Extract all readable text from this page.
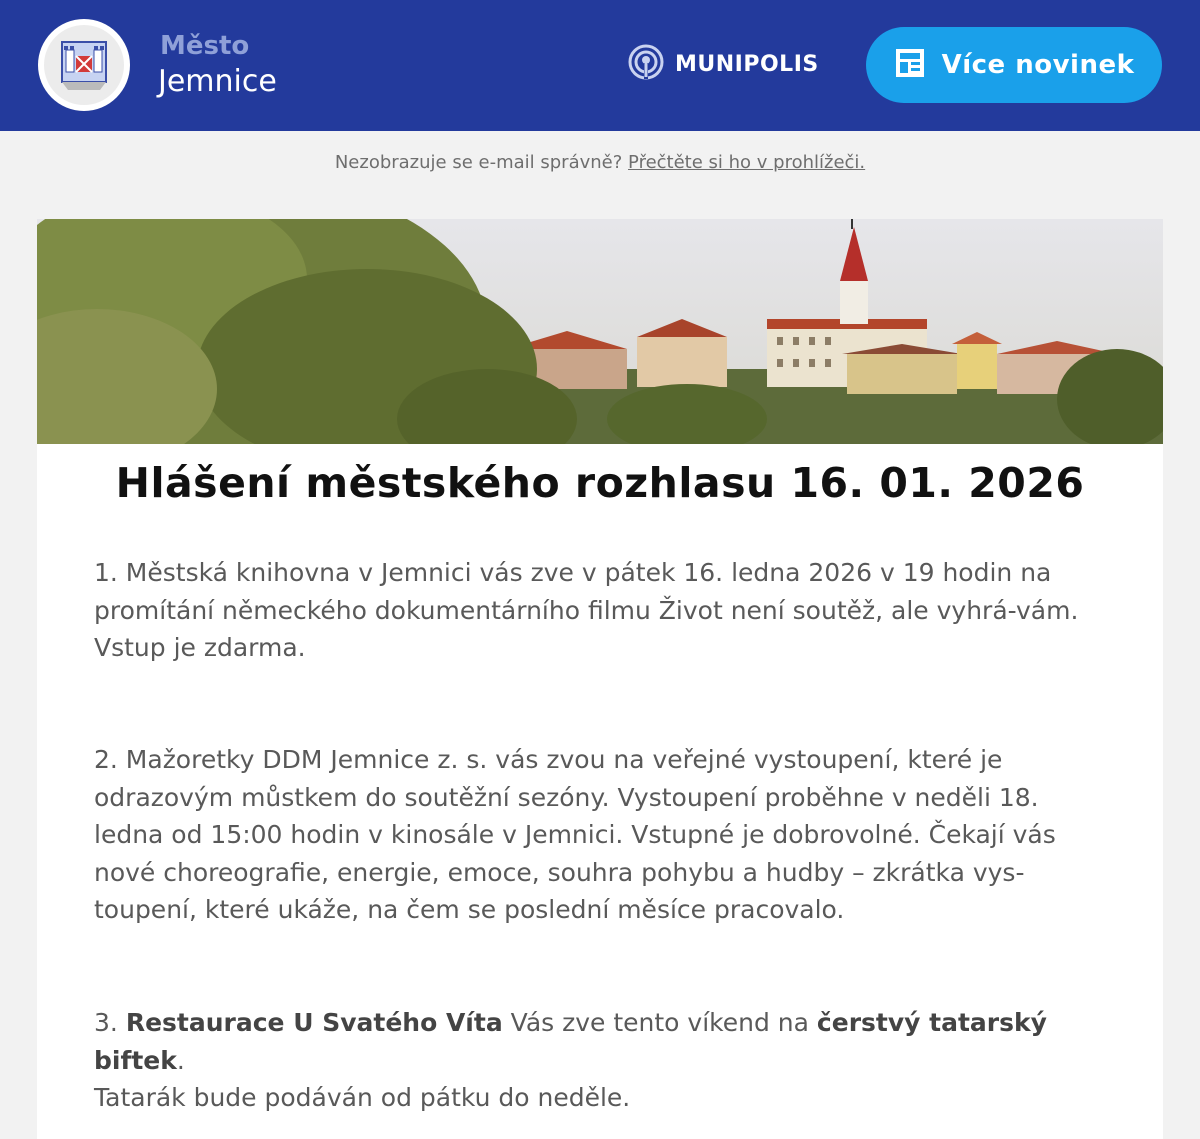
Město
Jemnice	MUNIPOLIS	Více novinek
Nezobrazuje se e-mail správně? Přečtěte si ho v prohlížeči.
Hlášení městského rozhlasu 16. 01. 2026
1. Městská knihovna v Jemnici vás zve v pátek 16. ledna 2026 v 19 hodin na promítání německého dokumentárního filmu Život není soutěž, ale vyhrá-vám. Vstup je zdarma.
2. Mažoretky DDM Jemnice z. s. vás zvou na veřejné vystoupení, které je odrazovým můstkem do soutěžní sezóny. Vystoupení proběhne v neděli 18. ledna od 15:00 hodin v kinosále v Jemnici. Vstupné je dobrovolné. Čekají vás nové choreografie, energie, emoce, souhra pohybu a hudby – zkrátka vys-toupení, které ukáže, na čem se poslední měsíce pracovalo.
3. Restaurace U Svatého Víta Vás zve tento víkend na čerstvý tatarský biftek.
Tatarák bude podáván od pátku do neděle.
